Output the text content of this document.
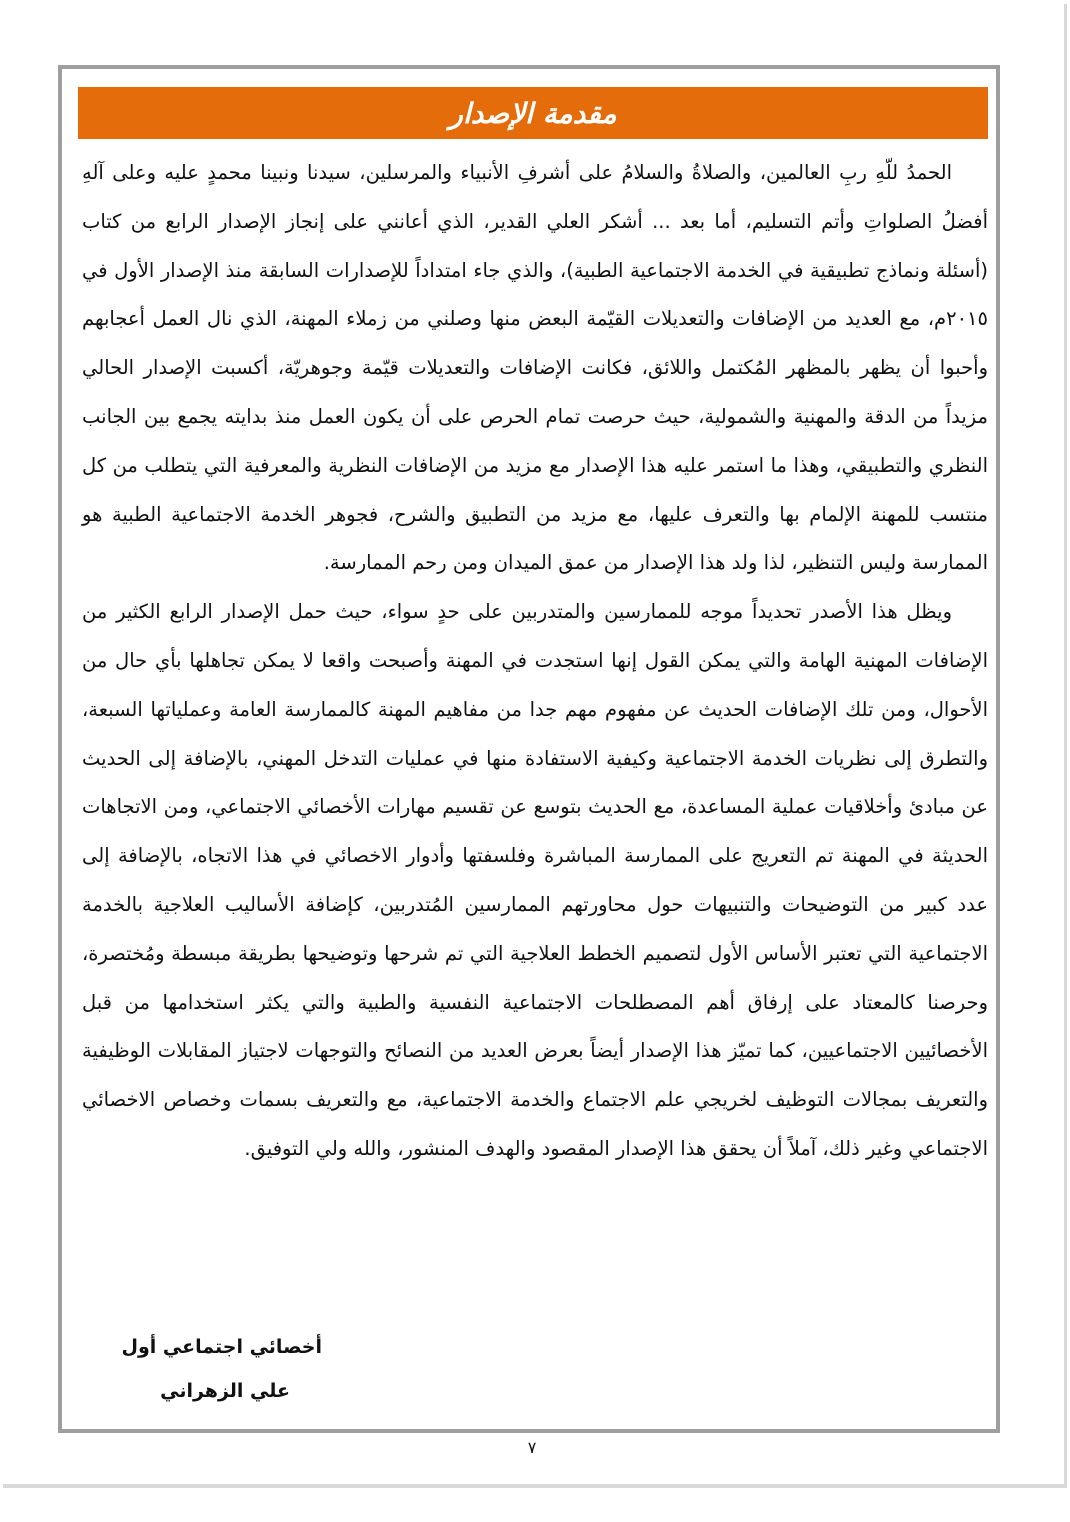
مقدمة الإصدار

الحمدُ للّهِ ربِ العالمين، والصلاةُ والسلامُ على أشرفِ الأنبياء والمرسلين، سيدنا ونبينا محمدٍ عليه وعلى آلهِ أفضلُ الصلواتِ وأتم التسليم، أما بعد ... أشكر العلي القدير، الذي أعانني على إنجاز الإصدار الرابع من كتاب (أسئلة ونماذج تطبيقية في الخدمة الاجتماعية الطبية)، والذي جاء امتداداً للإصدارات السابقة منذ الإصدار الأول في ٢٠١٥م، مع العديد من الإضافات والتعديلات القيّمة البعض منها وصلني من زملاء المهنة، الذي نال العمل أعجابهم وأحبوا أن يظهر بالمظهر المُكتمل واللائق، فكانت الإضافات والتعديلات قيّمة وجوهريّة، أكسبت الإصدار الحالي مزيداً من الدقة والمهنية والشمولية، حيث حرصت تمام الحرص على أن يكون العمل منذ بدايته يجمع بين الجانب النظري والتطبيقي، وهذا ما استمر عليه هذا الإصدار مع مزيد من الإضافات النظرية والمعرفية التي يتطلب من كل منتسب للمهنة الإلمام بها والتعرف عليها، مع مزيد من التطبيق والشرح، فجوهر الخدمة الاجتماعية الطبية هو الممارسة وليس التنظير، لذا ولد هذا الإصدار من عمق الميدان ومن رحم الممارسة.

ويظل هذا الأصدر تحديداً موجه للممارسين والمتدربين على حدٍ سواء، حيث حمل الإصدار الرابع الكثير من الإضافات المهنية الهامة والتي يمكن القول إنها استجدت في المهنة وأصبحت واقعا لا يمكن تجاهلها بأي حال من الأحوال، ومن تلك الإضافات الحديث عن مفهوم مهم جدا من مفاهيم المهنة كالممارسة العامة وعملياتها السبعة، والتطرق إلى نظريات الخدمة الاجتماعية وكيفية الاستفادة منها في عمليات التدخل المهني، بالإضافة إلى الحديث عن مبادئ وأخلاقيات عملية المساعدة، مع الحديث بتوسع عن تقسيم مهارات الأخصائي الاجتماعي، ومن الاتجاهات الحديثة في المهنة تم التعريج على الممارسة المباشرة وفلسفتها وأدوار الاخصائي في هذا الاتجاه، بالإضافة إلى عدد كبير من التوضيحات والتنبيهات حول محاورتهم الممارسين المُتدربين، كإضافة الأساليب العلاجية بالخدمة الاجتماعية التي تعتبر الأساس الأول لتصميم الخطط العلاجية التي تم شرحها وتوضيحها بطريقة مبسطة ومُختصرة، وحرصنا كالمعتاد على إرفاق أهم المصطلحات الاجتماعية النفسية والطبية والتي يكثر استخدامها من قبل الأخصائيين الاجتماعيين، كما تميّز هذا الإصدار أيضاً بعرض العديد من النصائح والتوجهات لاجتياز المقابلات الوظيفية والتعريف بمجالات التوظيف لخريجي علم الاجتماع والخدمة الاجتماعية، مع والتعريف بسمات وخصاص الاخصائي الاجتماعي وغير ذلك، آملاً أن يحقق هذا الإصدار المقصود والهدف المنشور، والله ولي التوفيق.

أخصائي اجتماعي أول
علي الزهراني
٧
